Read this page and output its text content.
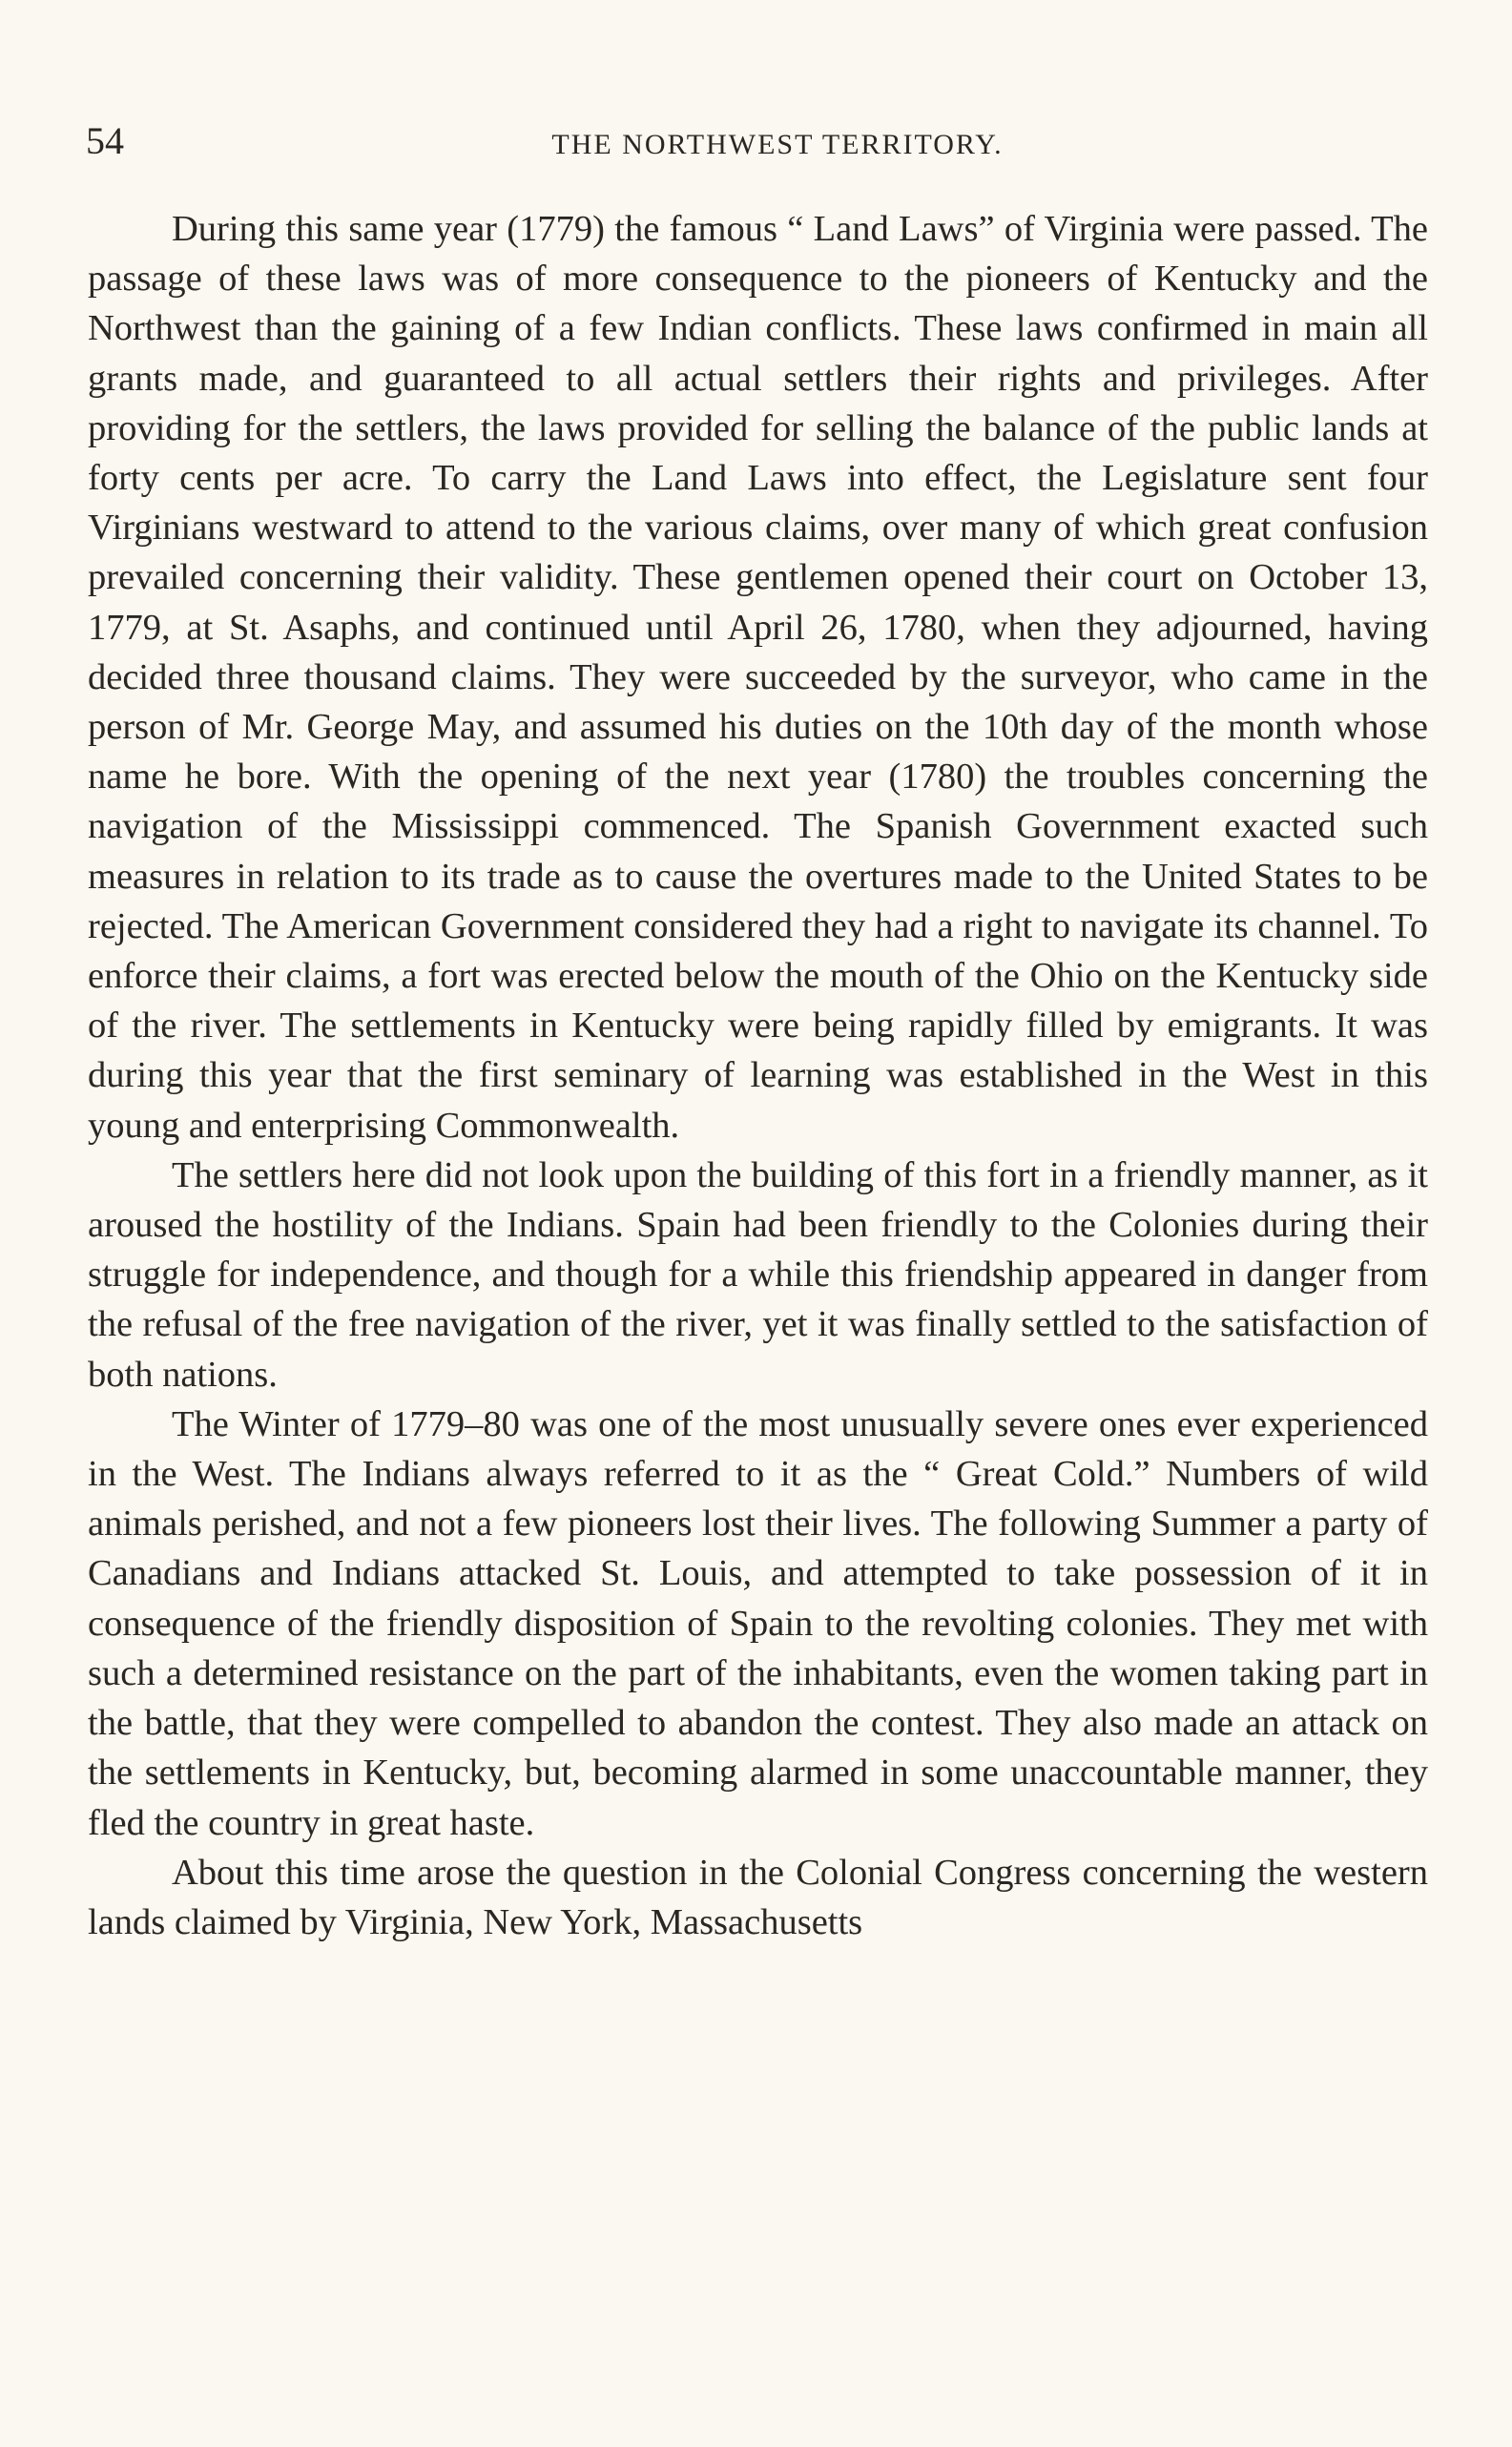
54	THE NORTHWEST TERRITORY.

During this same year (1779) the famous “ Land Laws” of Virginia were passed. The passage of these laws was of more consequence to the pioneers of Kentucky and the Northwest than the gaining of a few Indian conflicts. These laws confirmed in main all grants made, and guaranteed to all actual settlers their rights and privileges. After providing for the settlers, the laws provided for selling the balance of the public lands at forty cents per acre. To carry the Land Laws into effect, the Legislature sent four Virginians westward to attend to the various claims, over many of which great confusion prevailed concerning their validity. These gentlemen opened their court on October 13, 1779, at St. Asaphs, and continued until April 26, 1780, when they adjourned, having decided three thousand claims. They were succeeded by the surveyor, who came in the person of Mr. George May, and assumed his duties on the 10th day of the month whose name he bore. With the opening of the next year (1780) the troubles concerning the navigation of the Mississippi commenced. The Spanish Government exacted such measures in relation to its trade as to cause the overtures made to the United States to be rejected. The American Government considered they had a right to navigate its channel. To enforce their claims, a fort was erected below the mouth of the Ohio on the Kentucky side of the river. The settlements in Kentucky were being rapidly filled by emigrants. It was during this year that the first seminary of learning was established in the West in this young and enterprising Commonwealth.

The settlers here did not look upon the building of this fort in a friendly manner, as it aroused the hostility of the Indians. Spain had been friendly to the Colonies during their struggle for independence, and though for a while this friendship appeared in danger from the refusal of the free navigation of the river, yet it was finally settled to the satisfaction of both nations.

The Winter of 1779–80 was one of the most unusually severe ones ever experienced in the West. The Indians always referred to it as the “ Great Cold.” Numbers of wild animals perished, and not a few pioneers lost their lives. The following Summer a party of Canadians and Indians attacked St. Louis, and attempted to take possession of it in consequence of the friendly disposition of Spain to the revolting colonies. They met with such a determined resistance on the part of the inhabitants, even the women taking part in the battle, that they were compelled to abandon the contest. They also made an attack on the settlements in Kentucky, but, becoming alarmed in some unaccountable manner, they fled the country in great haste.

About this time arose the question in the Colonial Congress concerning the western lands claimed by Virginia, New York, Massachusetts
